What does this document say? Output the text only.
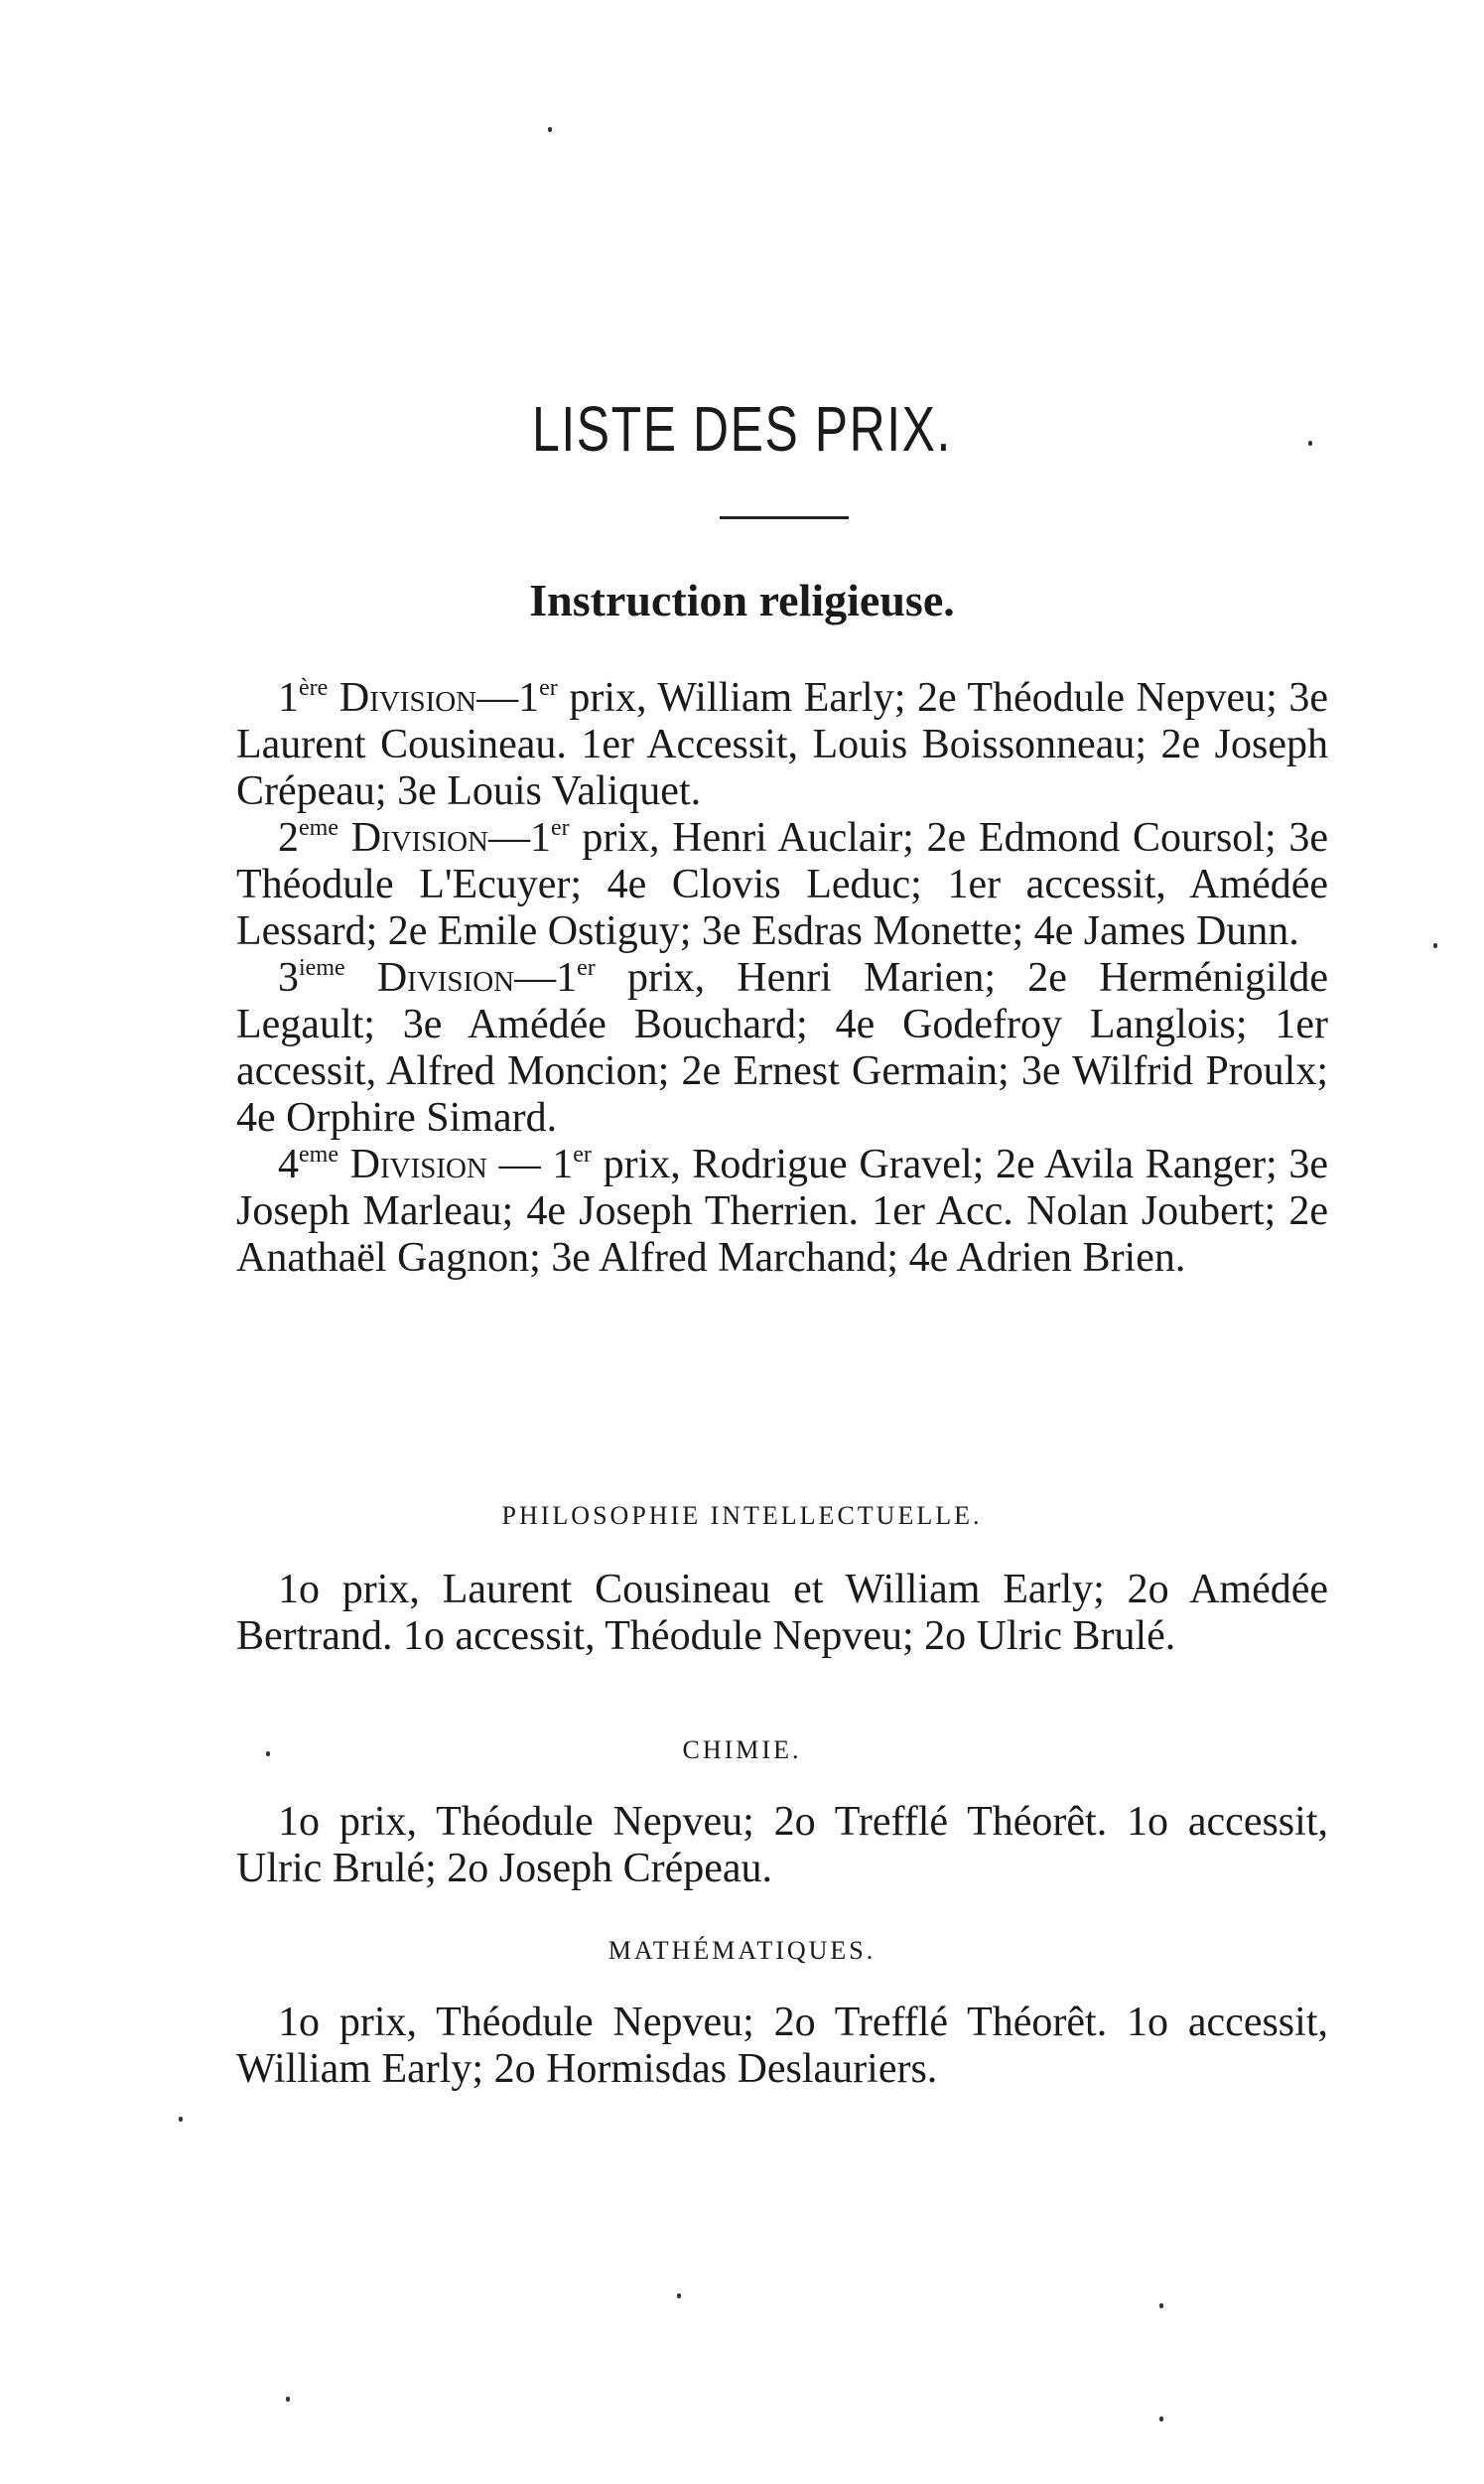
LISTE DES PRIX.
Instruction religieuse.

1ère Division—1er prix, William Early; 2e Théodule Nepveu; 3e Laurent Cousineau. 1er Accessit, Louis Boissonneau; 2e Joseph Crépeau; 3e Louis Valiquet.

2eme Division—1er prix, Henri Auclair; 2e Edmond Coursol; 3e Théodule L'Ecuyer; 4e Clovis Leduc; 1er accessit, Amédée Lessard; 2e Emile Ostiguy; 3e Esdras Monette; 4e James Dunn.

3ieme Division—1er prix, Henri Marien; 2e Herménigilde Legault; 3e Amédée Bouchard; 4e Godefroy Langlois; 1er accessit, Alfred Moncion; 2e Ernest Germain; 3e Wilfrid Proulx; 4e Orphire Simard.

4eme Division — 1er prix, Rodrigue Gravel; 2e Avila Ranger; 3e Joseph Marleau; 4e Joseph Therrien. 1er Acc. Nolan Joubert; 2e Anathaël Gagnon; 3e Alfred Marchand; 4e Adrien Brien.

PHILOSOPHIE INTELLECTUELLE.

1o prix, Laurent Cousineau et William Early; 2o Amédée Bertrand. 1o accessit, Théodule Nepveu; 2o Ulric Brulé.

CHIMIE.

1o prix, Théodule Nepveu; 2o Trefflé Théorêt. 1o accessit, Ulric Brulé; 2o Joseph Crépeau.

MATHÉMATIQUES.

1o prix, Théodule Nepveu; 2o Trefflé Théorêt. 1o accessit, William Early; 2o Hormisdas Deslauriers.
